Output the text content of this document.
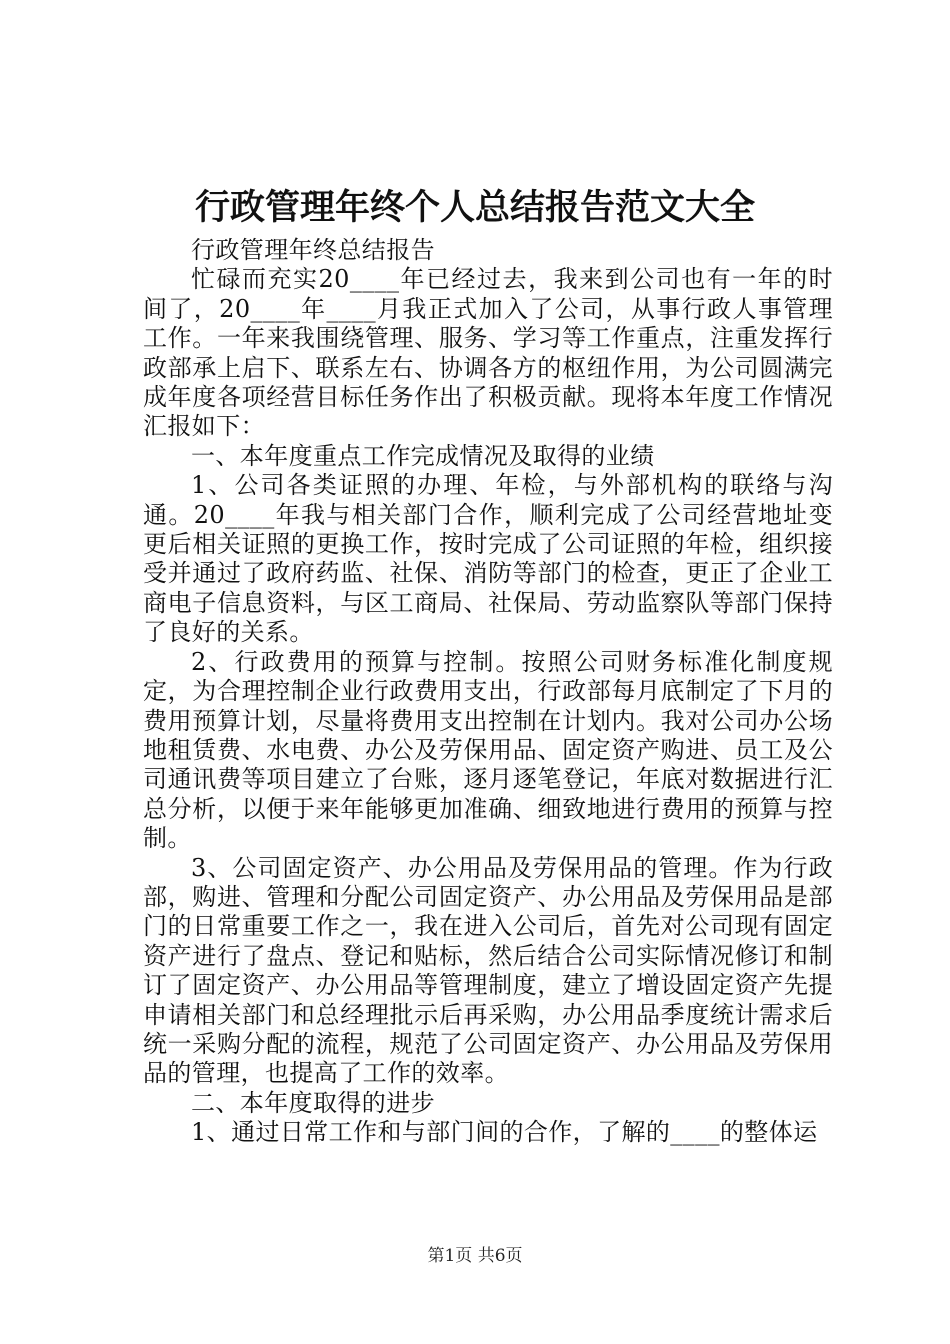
行政管理年终个人总结报告范文大全

行政管理年终总结报告

忙碌而充实20____年已经过去，我来到公司也有一年的时间了，20____年____月我正式加入了公司，从事行政人事管理工作。一年来我围绕管理、服务、学习等工作重点，注重发挥行政部承上启下、联系左右、协调各方的枢纽作用，为公司圆满完成年度各项经营目标任务作出了积极贡献。现将本年度工作情况汇报如下：

一、本年度重点工作完成情况及取得的业绩

1、公司各类证照的办理、年检，与外部机构的联络与沟通。20____年我与相关部门合作，顺利完成了公司经营地址变更后相关证照的更换工作，按时完成了公司证照的年检，组织接受并通过了政府药监、社保、消防等部门的检查，更正了企业工商电子信息资料，与区工商局、社保局、劳动监察队等部门保持了良好的关系。

2、行政费用的预算与控制。按照公司财务标准化制度规定，为合理控制企业行政费用支出，行政部每月底制定了下月的费用预算计划，尽量将费用支出控制在计划内。我对公司办公场地租赁费、水电费、办公及劳保用品、固定资产购进、员工及公司通讯费等项目建立了台账，逐月逐笔登记，年底对数据进行汇总分析，以便于来年能够更加准确、细致地进行费用的预算与控制。

3、公司固定资产、办公用品及劳保用品的管理。作为行政部，购进、管理和分配公司固定资产、办公用品及劳保用品是部门的日常重要工作之一，我在进入公司后，首先对公司现有固定资产进行了盘点、登记和贴标，然后结合公司实际情况修订和制订了固定资产、办公用品等管理制度，建立了增设固定资产先提申请相关部门和总经理批示后再采购，办公用品季度统计需求后统一采购分配的流程，规范了公司固定资产、办公用品及劳保用品的管理，也提高了工作的效率。

二、本年度取得的进步

1、通过日常工作和与部门间的合作，了解的____的整体运

第1页 共6页
